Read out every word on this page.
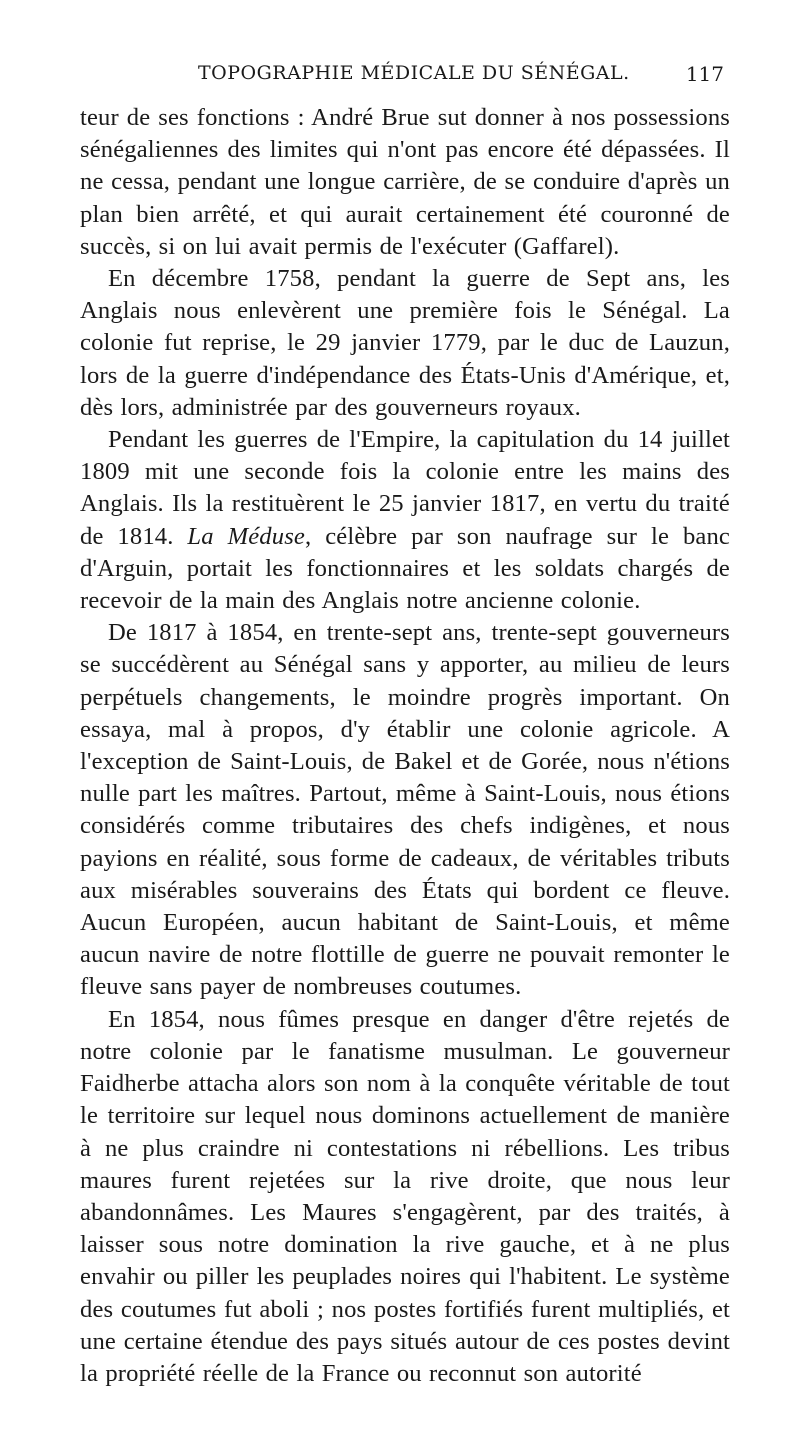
TOPOGRAPHIE MÉDICALE DU SÉNÉGAL.	117

teur de ses fonctions : André Brue sut donner à nos possessions sénégaliennes des limites qui n'ont pas encore été dépassées. Il ne cessa, pendant une longue carrière, de se conduire d'après un plan bien arrêté, et qui aurait certainement été couronné de succès, si on lui avait permis de l'exécuter (Gaffarel).

En décembre 1758, pendant la guerre de Sept ans, les Anglais nous enlevèrent une première fois le Sénégal. La colonie fut reprise, le 29 janvier 1779, par le duc de Lauzun, lors de la guerre d'indépendance des États-Unis d'Amérique, et, dès lors, administrée par des gouverneurs royaux.

Pendant les guerres de l'Empire, la capitulation du 14 juillet 1809 mit une seconde fois la colonie entre les mains des Anglais. Ils la restituèrent le 25 janvier 1817, en vertu du traité de 1814. La Méduse, célèbre par son naufrage sur le banc d'Arguin, portait les fonctionnaires et les soldats chargés de recevoir de la main des Anglais notre ancienne colonie.

De 1817 à 1854, en trente-sept ans, trente-sept gouverneurs se succédèrent au Sénégal sans y apporter, au milieu de leurs perpétuels changements, le moindre progrès important. On essaya, mal à propos, d'y établir une colonie agricole. A l'exception de Saint-Louis, de Bakel et de Gorée, nous n'étions nulle part les maîtres. Partout, même à Saint-Louis, nous étions considérés comme tributaires des chefs indigènes, et nous payions en réalité, sous forme de cadeaux, de véritables tributs aux misérables souverains des États qui bordent ce fleuve. Aucun Européen, aucun habitant de Saint-Louis, et même aucun navire de notre flottille de guerre ne pouvait remonter le fleuve sans payer de nombreuses coutumes.

En 1854, nous fûmes presque en danger d'être rejetés de notre colonie par le fanatisme musulman. Le gouverneur Faidherbe attacha alors son nom à la conquête véritable de tout le territoire sur lequel nous dominons actuellement de manière à ne plus craindre ni contestations ni rébellions. Les tribus maures furent rejetées sur la rive droite, que nous leur abandonnâmes. Les Maures s'engagèrent, par des traités, à laisser sous notre domination la rive gauche, et à ne plus envahir ou piller les peuplades noires qui l'habitent. Le système des coutumes fut aboli ; nos postes fortifiés furent multipliés, et une certaine étendue des pays situés autour de ces postes devint la propriété réelle de la France ou reconnut son autorité
